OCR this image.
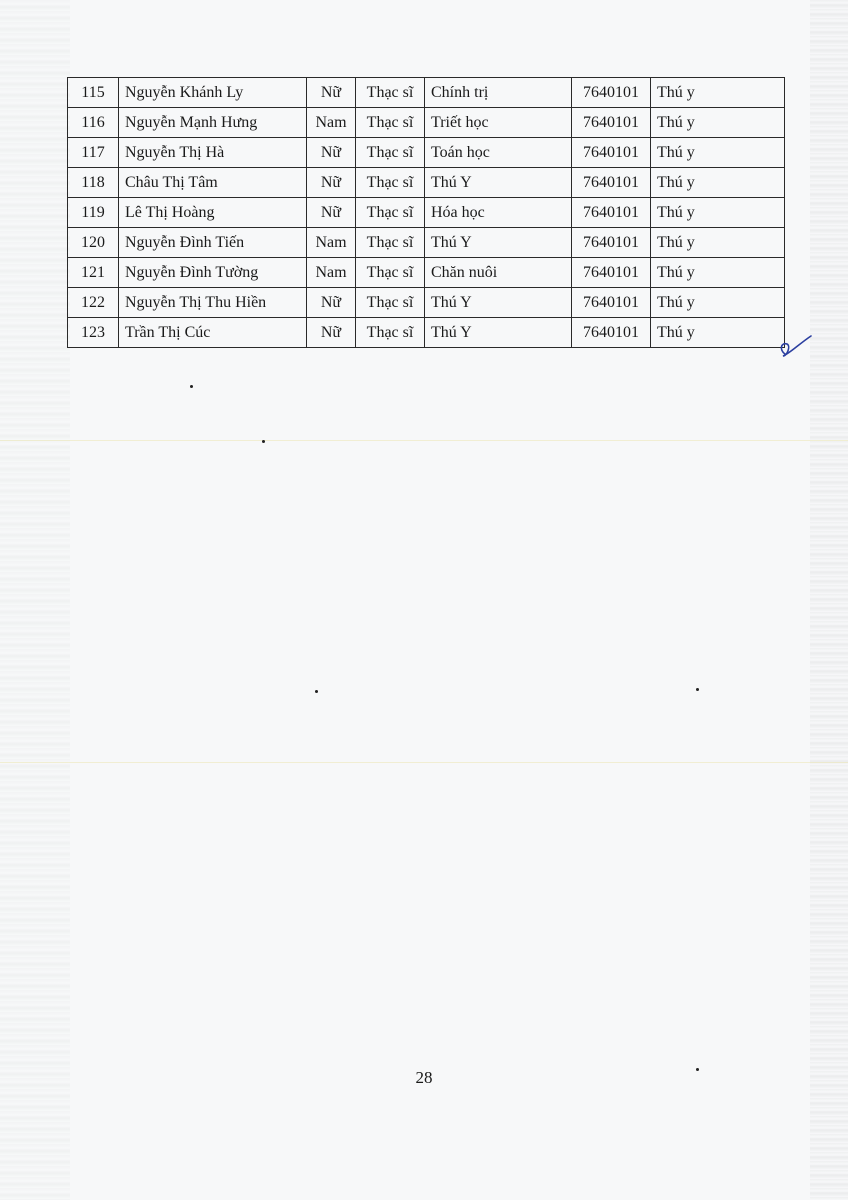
115	Nguyễn Khánh Ly	Nữ	Thạc sĩ	Chính trị	7640101	Thú y
116	Nguyễn Mạnh Hưng	Nam	Thạc sĩ	Triết học	7640101	Thú y
117	Nguyễn Thị Hà	Nữ	Thạc sĩ	Toán học	7640101	Thú y
118	Châu Thị Tâm	Nữ	Thạc sĩ	Thú Y	7640101	Thú y
119	Lê Thị Hoàng	Nữ	Thạc sĩ	Hóa học	7640101	Thú y
120	Nguyễn Đình Tiến	Nam	Thạc sĩ	Thú Y	7640101	Thú y
121	Nguyễn Đình Tường	Nam	Thạc sĩ	Chăn nuôi	7640101	Thú y
122	Nguyễn Thị Thu Hiền	Nữ	Thạc sĩ	Thú Y	7640101	Thú y
123	Trần Thị Cúc	Nữ	Thạc sĩ	Thú Y	7640101	Thú y
28
